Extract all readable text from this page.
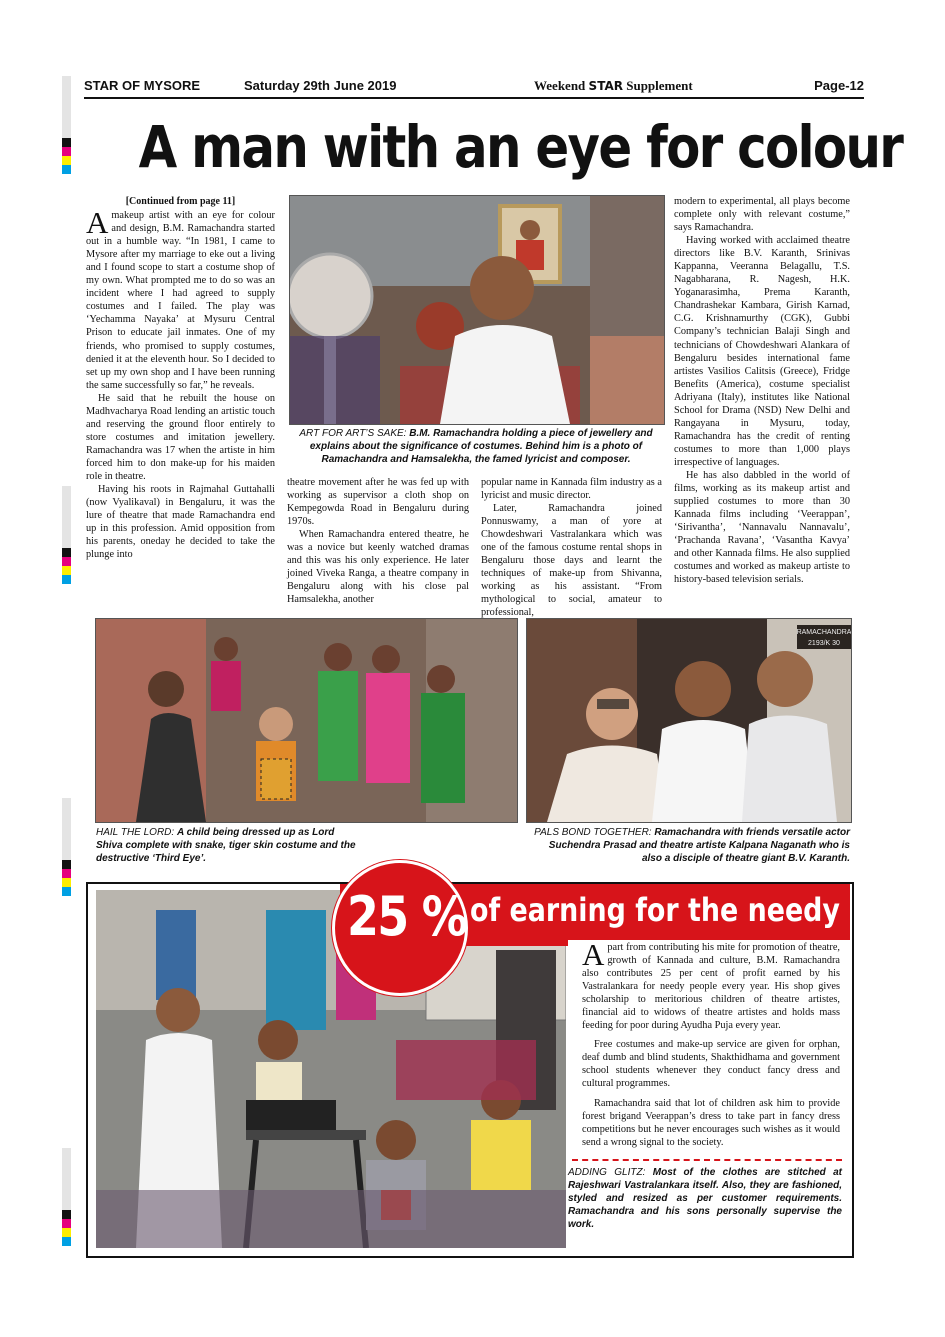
STAR OF MYSORE	Saturday 29th June 2019	Weekend STAR Supplement	Page-12
A man with an eye for colour
[Continued from page 11]

Amakeup artist with an eye for colour and design, B.M. Ramachandra started out in a humble way. “In 1981, I came to Mysore after my marriage to eke out a living and I found scope to start a costume shop of my own. What prompted me to do so was an incident where I had agreed to supply costumes and I failed. The play was ‘Yechamma Nayaka’ at Mysuru Central Prison to educate jail inmates. One of my friends, who promised to supply costumes, denied it at the eleventh hour. So I decided to set up my own shop and I have been running the same successfully so far,” he reveals.

He said that he rebuilt the house on Madhvacharya Road lending an artistic touch and reserving the ground floor entirely to store costumes and imitation jewellery. Ramachandra was 17 when the artiste in him forced him to don make-up for his maiden role in theatre.

Having his roots in Rajmahal Guttahalli (now Vyalikaval) in Bengaluru, it was the lure of theatre that made Ramachandra end up in this profession. Amid opposition from his parents, oneday he decided to take the plunge into

ART FOR ART’S SAKE: B.M. Ramachandra holding a piece of jewellery and explains about the significance of costumes. Behind him is a photo of Ramachandra and Hamsalekha, the famed lyricist and composer.

theatre movement after he was fed up with working as supervisor a cloth shop on Kempegowda Road in Bengaluru during 1970s.

When Ramachandra entered theatre, he was a novice but keenly watched dramas and this was his only experience. He later joined Viveka Ranga, a theatre company in Bengaluru along with his close pal Hamsalekha, another

popular name in Kannada film industry as a lyricist and music director.

Later, Ramachandra joined Ponnuswamy, a man of yore at Chowdeshwari Vastralankara which was one of the famous costume rental shops in Bengaluru those days and learnt the techniques of make-up from Shivanna, working as his assistant. “From mythological to social, amateur to professional,

modern to experimental, all plays become complete only with relevant costume,” says Ramachandra.

Having worked with acclaimed theatre directors like B.V. Karanth, Srinivas Kappanna, Veeranna Belagallu, T.S. Nagabharana, R. Nagesh, H.K. Yoganarasimha, Prema Karanth, Chandrashekar Kambara, Girish Karnad, C.G. Krishnamurthy (CGK), Gubbi Company’s technician Balaji Singh and technicians of Chowdeshwari Alankara of Bengaluru besides international fame artistes Vasilios Calitsis (Greece), Fridge Benefits (America), costume specialist Adriyana (Italy), institutes like National School for Drama (NSD) New Delhi and Rangayana in Mysuru, today, Ramachandra has the credit of renting costumes to more than 1,000 plays irrespective of languages.

He has also dabbled in the world of films, working as its makeup artist and supplied costumes to more than 30 Kannada films including ‘Veerappan’, ‘Sirivantha’, ‘Nannavalu Nannavalu’, ‘Prachanda Ravana’, ‘Vasantha Kavya’ and other Kannada films. He also supplied costumes and worked as makeup artiste to history-based television serials.

HAIL THE LORD: A child being dressed up as Lord Shiva complete with snake, tiger skin costume and the destructive ‘Third Eye’.
RAMACHANDRA
2193/K 30
PALS BOND TOGETHER: Ramachandra with friends versatile actor Suchendra Prasad and theatre artiste Kalpana Naganath who is also a disciple of theatre giant B.V. Karanth.
25 % of earning for the needy

Apart from contributing his mite for promotion of theatre, growth of Kannada and culture, B.M. Ramachandra also contributes 25 per cent of profit earned by his Vastralankara for needy people every year. His shop gives scholarship to meritorious children of theatre artistes, financial aid to widows of theatre artistes and holds mass feeding for poor during Ayudha Puja every year.

Free costumes and make-up service are given for orphan, deaf dumb and blind students, Shakthidhama and government school students whenever they conduct fancy dress and cultural programmes.

Ramachandra said that lot of children ask him to provide forest brigand Veerappan’s dress to take part in fancy dress competitions but he never encourages such wishes as it would send a wrong signal to the society.

ADDING GLITZ: Most of the clothes are stitched at Rajeshwari Vastralankara itself. Also, they are fashioned, styled and resized as per customer requirements. Ramachandra and his sons personally supervise the work.
